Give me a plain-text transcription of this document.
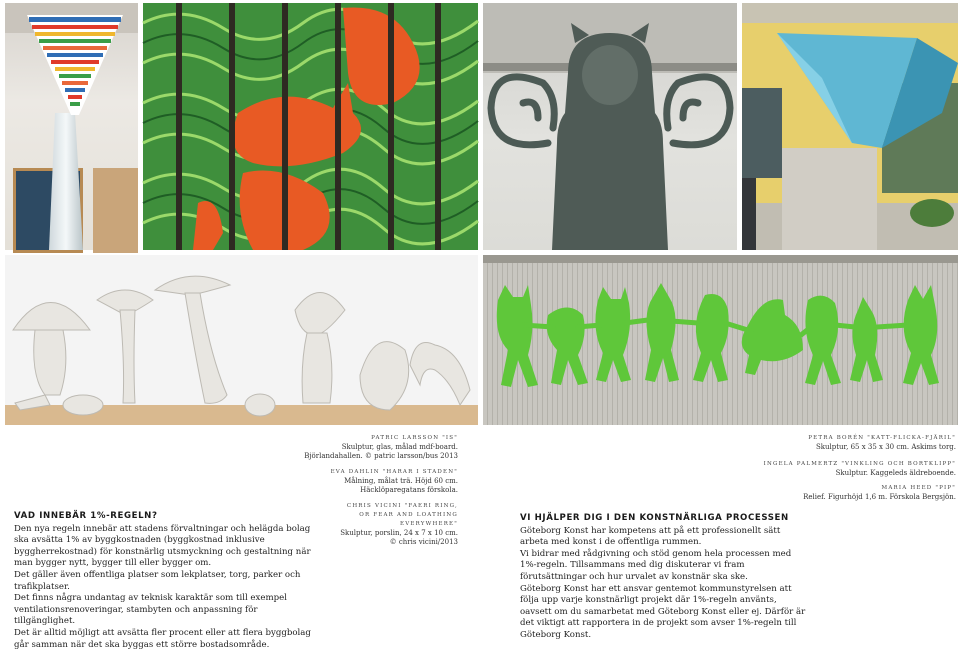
PATRIC LARSSON "IS"
Skulptur, glas, målad mdf-board.
Björlandahallen. © patric larsson/bus 2013
EVA DAHLIN "HARAR I STADEN"
Målning, målat trä. Höjd 60 cm.
Häcklöparegatans förskola.
CHRIS VICINI "FAERI RING,
OR FEAR AND LOATHING EVERYWHERE"
Skulptur, porslin, 24 x 7 x 10 cm.
© chris vicini/2013
PETRA BORÉN "KATT-FLICKA-FJÄRIL"
Skulptur, 65 x 35 x 30 cm. Askims torg.
INGELA PALMERTZ "VINKLING OCH BORTKLIPP"
Skulptur. Kaggeleds äldreboende.
MARIA HEED "PIP"
Relief. Figurhöjd 1,6 m. Förskola Bergsjön.
VAD INNEBÄR 1%-REGELN?

Den nya regeln innebär att stadens förvaltningar och helägda bolag ska avsätta 1% av byggkostnaden (byggkostnad inklusive byggherrekostnad) för konstnärlig utsmyckning och gestaltning när man bygger nytt, bygger till eller bygger om.

Det gäller även offentliga platser som lekplatser, torg, parker och trafikplatser.

Det finns några undantag av teknisk karaktär som till exempel ventilationsrenoveringar, stambyten och anpassning för tillgänglighet.

Det är alltid möjligt att avsätta fler procent eller att flera byggbolag går samman när det ska byggas ett större bostadsområde.

VI HJÄLPER DIG I DEN KONSTNÄRLIGA PROCESSEN

Göteborg Konst har kompetens att på ett professionellt sätt arbeta med konst i de offentliga rummen.

Vi bidrar med rådgivning och stöd genom hela processen med 1%-regeln. Tillsammans med dig diskuterar vi fram förutsättningar och hur urvalet av konstnär ska ske.

Göteborg Konst har ett ansvar gentemot kommunstyrelsen att följa upp varje konstnärligt projekt där 1%-regeln använts, oavsett om du samarbetat med Göteborg Konst eller ej. Därför är det viktigt att rapportera in de projekt som avser 1%-regeln till Göteborg Konst.
